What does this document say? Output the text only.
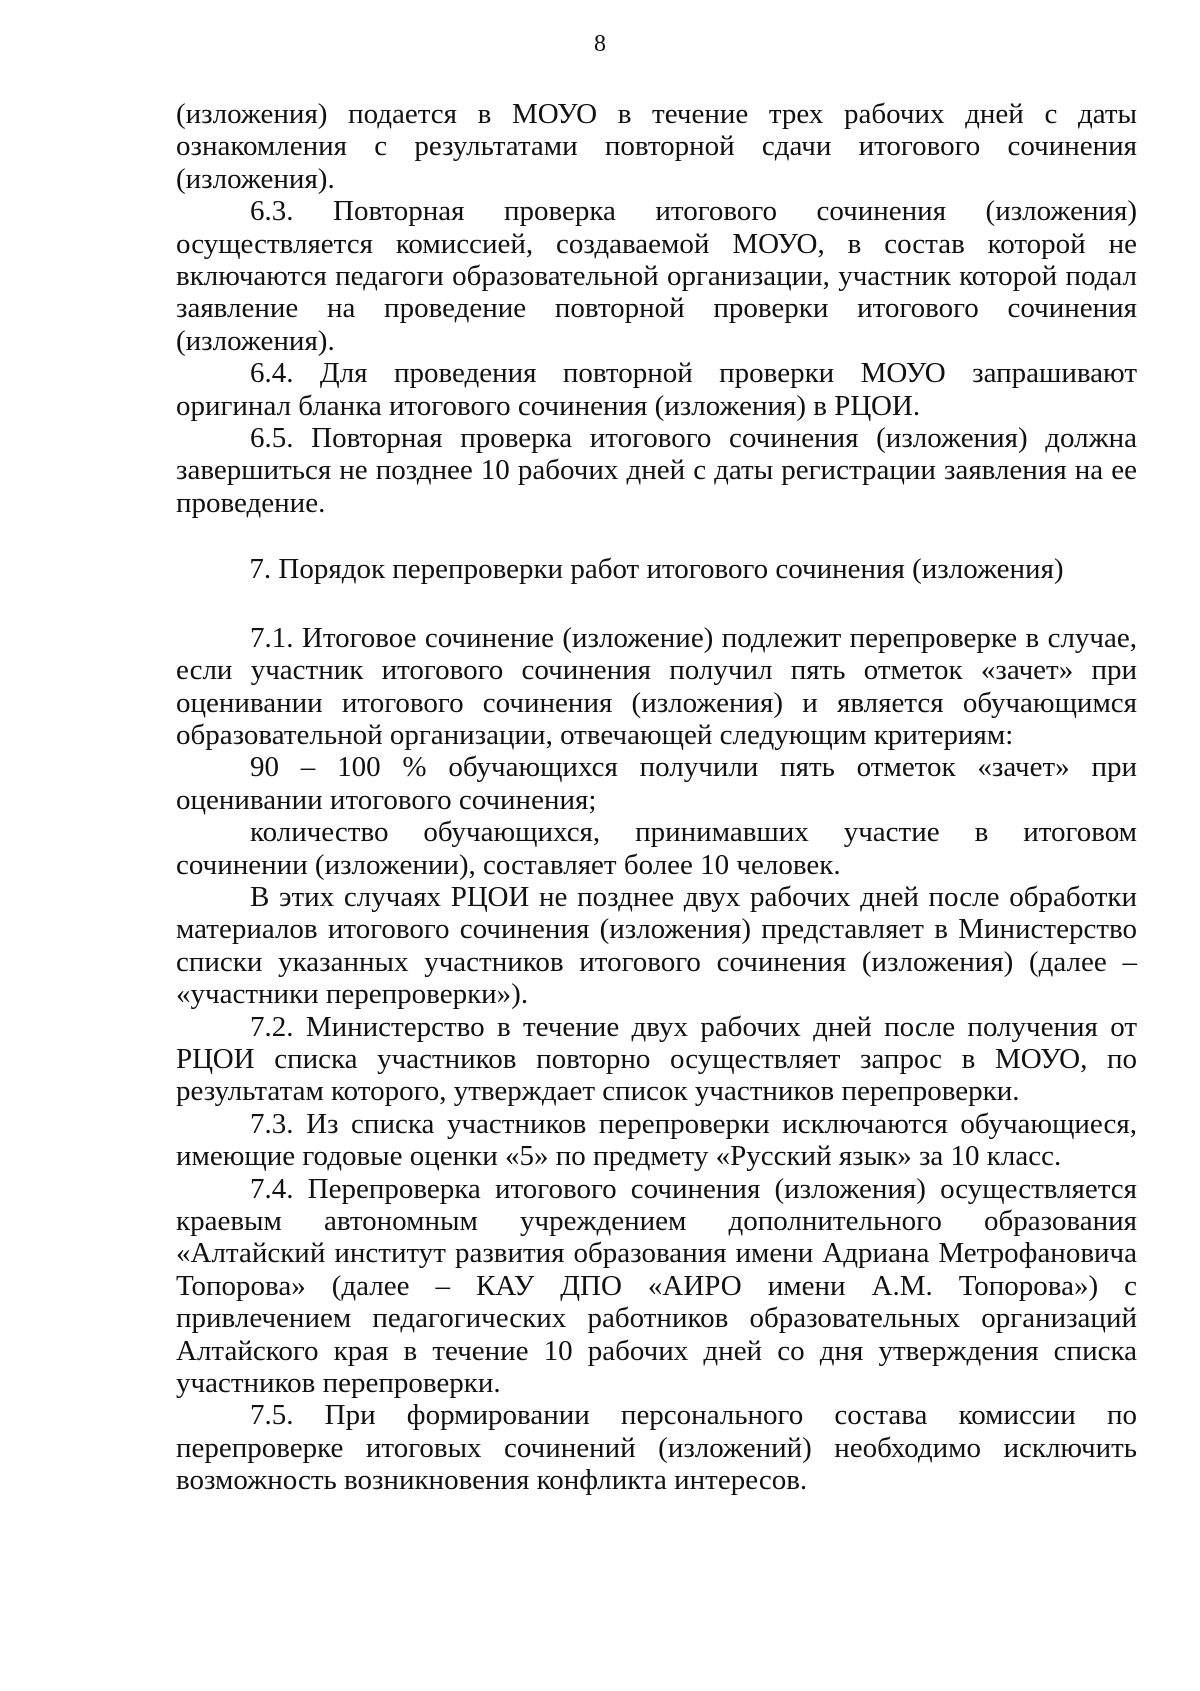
8

(изложения) подается в МОУО в течение трех рабочих дней с даты ознакомления с результатами повторной сдачи итогового сочинения (изложения).

6.3. Повторная проверка итогового сочинения (изложения) осуществляется комиссией, создаваемой МОУО, в состав которой не включаются педагоги образовательной организации, участник которой подал заявление на проведение повторной проверки итогового сочинения (изложения).

6.4. Для проведения повторной проверки МОУО запрашивают оригинал бланка итогового сочинения (изложения) в РЦОИ.

6.5. Повторная проверка итогового сочинения (изложения) должна завершиться не позднее 10 рабочих дней с даты регистрации заявления на ее проведение.

7. Порядок перепроверки работ итогового сочинения (изложения)

7.1. Итоговое сочинение (изложение) подлежит перепроверке в случае, если участник итогового сочинения получил пять отметок «зачет» при оценивании итогового сочинения (изложения) и является обучающимся образовательной организации, отвечающей следующим критериям:

90 – 100 % обучающихся получили пять отметок «зачет» при оценивании итогового сочинения;

количество обучающихся, принимавших участие в итоговом сочинении (изложении), составляет более 10 человек.

В этих случаях РЦОИ не позднее двух рабочих дней после обработки материалов итогового сочинения (изложения) представляет в Министерство списки указанных участников итогового сочинения (изложения) (далее – «участники перепроверки»).

7.2. Министерство в течение двух рабочих дней после получения от РЦОИ списка участников повторно осуществляет запрос в МОУО, по результатам которого, утверждает список участников перепроверки.

7.3. Из списка участников перепроверки исключаются обучающиеся, имеющие годовые оценки «5» по предмету «Русский язык» за 10 класс.

7.4. Перепроверка итогового сочинения (изложения) осуществляется краевым автономным учреждением дополнительного образования «Алтайский институт развития образования имени Адриана Метрофановича Топорова» (далее – КАУ ДПО «АИРО имени А.М. Топорова») с привлечением педагогических работников образовательных организаций Алтайского края в течение 10 рабочих дней со дня утверждения списка участников перепроверки.

7.5. При формировании персонального состава комиссии по перепроверке итоговых сочинений (изложений) необходимо исключить возможность возникновения конфликта интересов.
